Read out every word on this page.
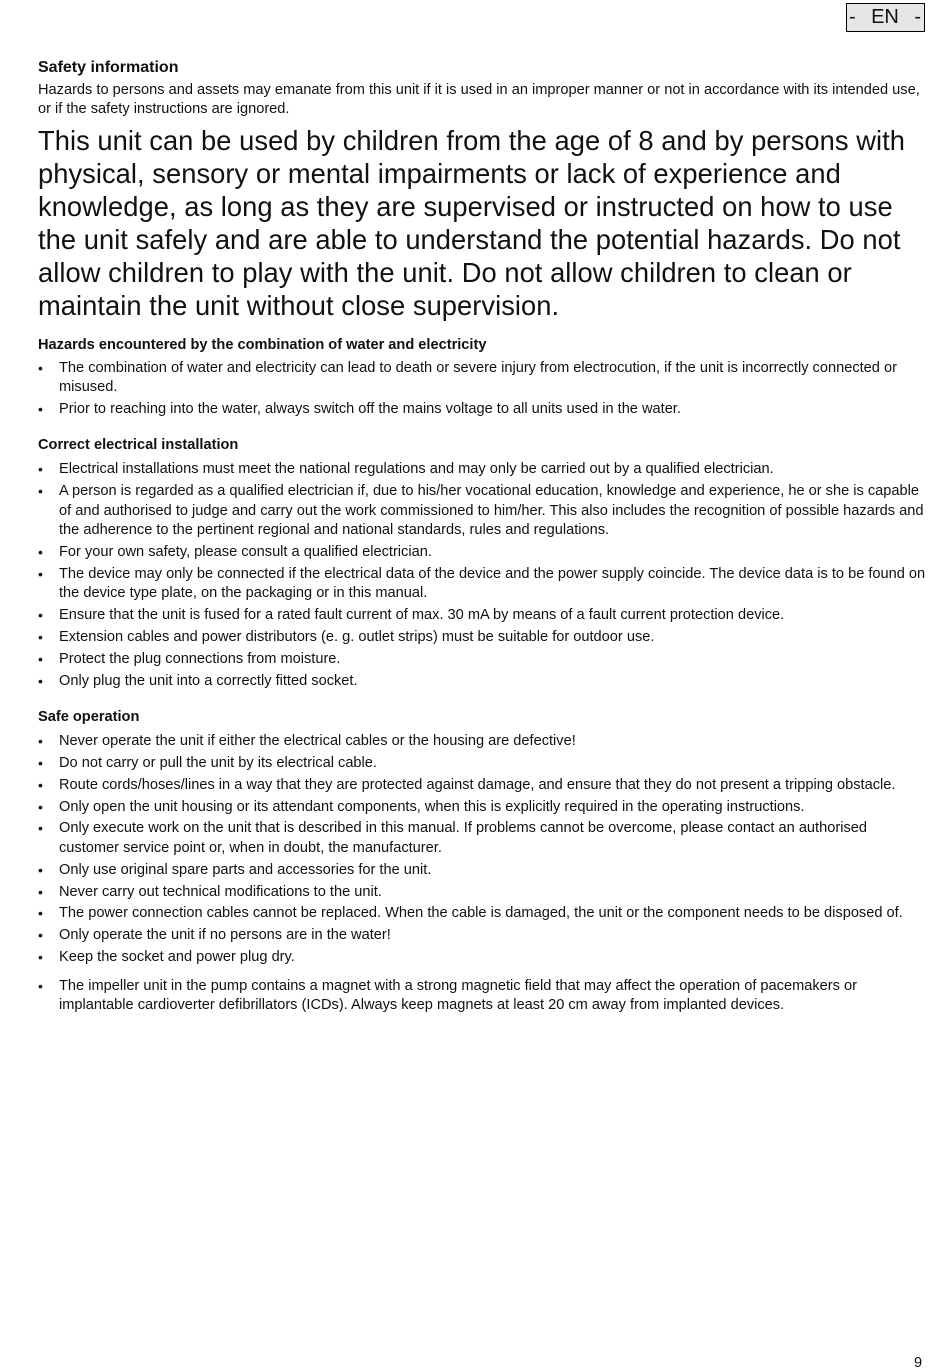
- EN -
Safety information

Hazards to persons and assets may emanate from this unit if it is used in an improper manner or not in accordance with its intended use, or if the safety instructions are ignored.

This unit can be used by children from the age of 8 and by persons with physical, sensory or mental impairments or lack of experience and knowledge, as long as they are supervised or instructed on how to use the unit safely and are able to understand the potential hazards. Do not allow children to play with the unit. Do not allow children to clean or maintain the unit without close supervision.

Hazards encountered by the combination of water and electricity
• The combination of water and electricity can lead to death or severe injury from electrocution, if the unit is incorrectly connected or misused.
• Prior to reaching into the water, always switch off the mains voltage to all units used in the water.
Correct electrical installation
• Electrical installations must meet the national regulations and may only be carried out by a qualified electrician.
• A person is regarded as a qualified electrician if, due to his/her vocational education, knowledge and experience, he or she is capable of and authorised to judge and carry out the work commissioned to him/her. This also includes the recognition of possible hazards and the adherence to the pertinent regional and national standards, rules and regulations.
• For your own safety, please consult a qualified electrician.
• The device may only be connected if the electrical data of the device and the power supply coincide. The device data is to be found on the device type plate, on the packaging or in this manual.
• Ensure that the unit is fused for a rated fault current of max. 30 mA by means of a fault current protection device.
• Extension cables and power distributors (e. g. outlet strips) must be suitable for outdoor use.
• Protect the plug connections from moisture.
• Only plug the unit into a correctly fitted socket.
Safe operation
• Never operate the unit if either the electrical cables or the housing are defective!
• Do not carry or pull the unit by its electrical cable.
• Route cords/hoses/lines in a way that they are protected against damage, and ensure that they do not present a tripping obstacle.
• Only open the unit housing or its attendant components, when this is explicitly required in the operating instructions.
• Only execute work on the unit that is described in this manual. If problems cannot be overcome, please contact an authorised customer service point or, when in doubt, the manufacturer.
• Only use original spare parts and accessories for the unit.
• Never carry out technical modifications to the unit.
• The power connection cables cannot be replaced. When the cable is damaged, the unit or the component needs to be disposed of.
• Only operate the unit if no persons are in the water!
• Keep the socket and power plug dry.
• The impeller unit in the pump contains a magnet with a strong magnetic field that may affect the operation of pacemakers or implantable cardioverter defibrillators (ICDs). Always keep magnets at least 20 cm away from implanted devices.
9
